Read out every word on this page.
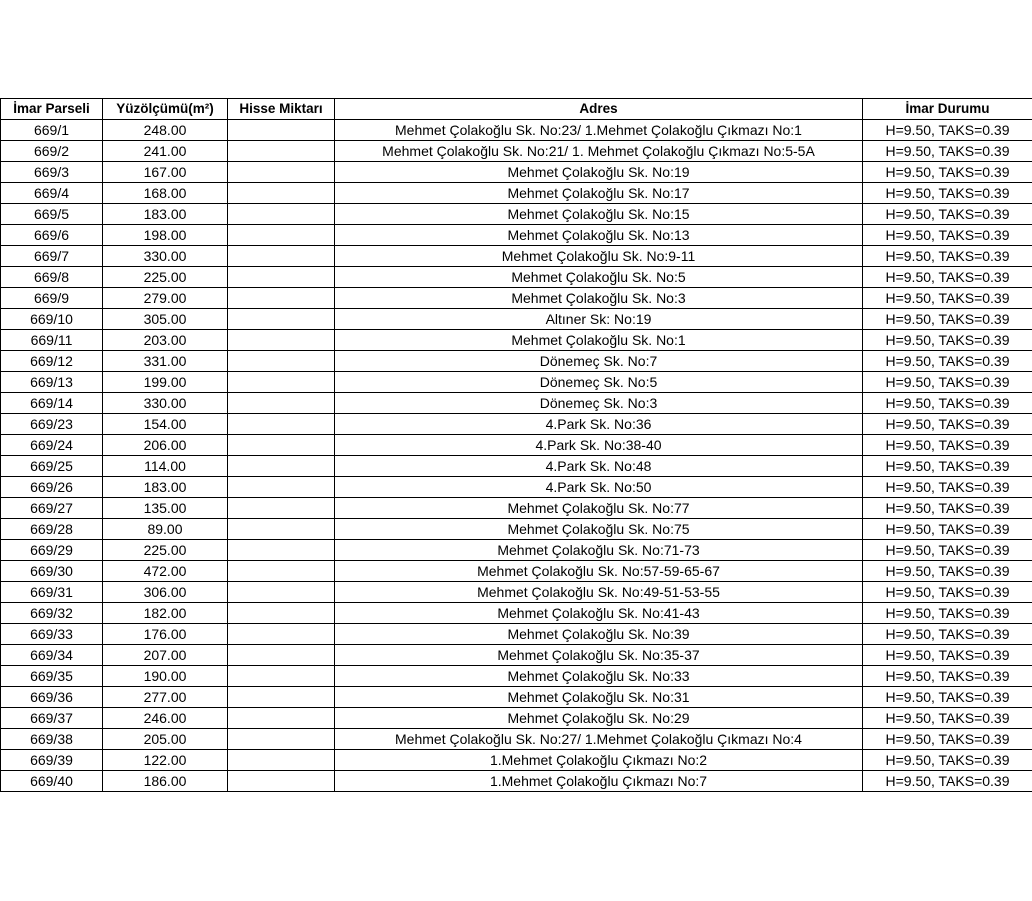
İmar Parseli	Yüzölçümü(m²)	Hisse Miktarı	Adres	İmar Durumu
669/1	248.00		Mehmet Çolakoğlu Sk. No:23/ 1.Mehmet Çolakoğlu Çıkmazı No:1	H=9.50, TAKS=0.39
669/2	241.00		Mehmet Çolakoğlu Sk. No:21/ 1. Mehmet Çolakoğlu Çıkmazı No:5-5A	H=9.50, TAKS=0.39
669/3	167.00		Mehmet Çolakoğlu Sk. No:19	H=9.50, TAKS=0.39
669/4	168.00		Mehmet Çolakoğlu Sk. No:17	H=9.50, TAKS=0.39
669/5	183.00		Mehmet Çolakoğlu Sk. No:15	H=9.50, TAKS=0.39
669/6	198.00		Mehmet Çolakoğlu Sk. No:13	H=9.50, TAKS=0.39
669/7	330.00		Mehmet Çolakoğlu Sk. No:9-11	H=9.50, TAKS=0.39
669/8	225.00		Mehmet Çolakoğlu Sk. No:5	H=9.50, TAKS=0.39
669/9	279.00		Mehmet Çolakoğlu Sk. No:3	H=9.50, TAKS=0.39
669/10	305.00		Altıner Sk: No:19	H=9.50, TAKS=0.39
669/11	203.00		Mehmet Çolakoğlu Sk. No:1	H=9.50, TAKS=0.39
669/12	331.00		Dönemeç Sk. No:7	H=9.50, TAKS=0.39
669/13	199.00		Dönemeç Sk. No:5	H=9.50, TAKS=0.39
669/14	330.00		Dönemeç Sk. No:3	H=9.50, TAKS=0.39
669/23	154.00		4.Park Sk. No:36	H=9.50, TAKS=0.39
669/24	206.00		4.Park Sk. No:38-40	H=9.50, TAKS=0.39
669/25	114.00		4.Park Sk. No:48	H=9.50, TAKS=0.39
669/26	183.00		4.Park Sk. No:50	H=9.50, TAKS=0.39
669/27	135.00		Mehmet Çolakoğlu Sk. No:77	H=9.50, TAKS=0.39
669/28	89.00		Mehmet Çolakoğlu Sk. No:75	H=9.50, TAKS=0.39
669/29	225.00		Mehmet Çolakoğlu Sk. No:71-73	H=9.50, TAKS=0.39
669/30	472.00		Mehmet Çolakoğlu Sk. No:57-59-65-67	H=9.50, TAKS=0.39
669/31	306.00		Mehmet Çolakoğlu Sk. No:49-51-53-55	H=9.50, TAKS=0.39
669/32	182.00		Mehmet Çolakoğlu Sk. No:41-43	H=9.50, TAKS=0.39
669/33	176.00		Mehmet Çolakoğlu Sk. No:39	H=9.50, TAKS=0.39
669/34	207.00		Mehmet Çolakoğlu Sk. No:35-37	H=9.50, TAKS=0.39
669/35	190.00		Mehmet Çolakoğlu Sk. No:33	H=9.50, TAKS=0.39
669/36	277.00		Mehmet Çolakoğlu Sk. No:31	H=9.50, TAKS=0.39
669/37	246.00		Mehmet Çolakoğlu Sk. No:29	H=9.50, TAKS=0.39
669/38	205.00		Mehmet Çolakoğlu Sk. No:27/ 1.Mehmet Çolakoğlu Çıkmazı No:4	H=9.50, TAKS=0.39
669/39	122.00		1.Mehmet Çolakoğlu Çıkmazı No:2	H=9.50, TAKS=0.39
669/40	186.00		1.Mehmet Çolakoğlu Çıkmazı No:7	H=9.50, TAKS=0.39
